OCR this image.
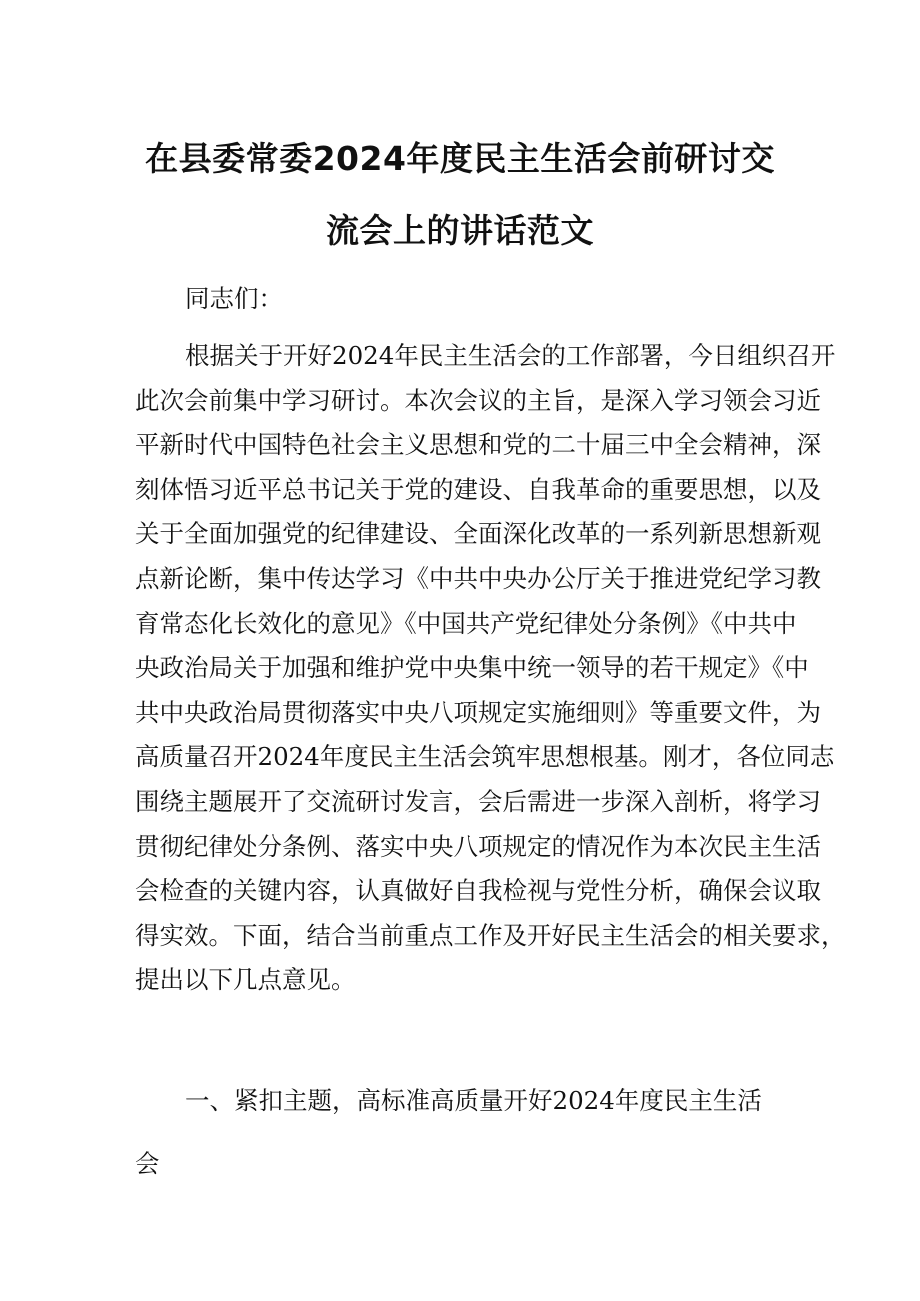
在县委常委2024年度民主生活会前研讨交
流会上的讲话范文
同志们：
根据关于开好2024年民主生活会的工作部署，今日组织召开
此次会前集中学习研讨。本次会议的主旨，是深入学习领会习近
平新时代中国特色社会主义思想和党的二十届三中全会精神，深
刻体悟习近平总书记关于党的建设、自我革命的重要思想，以及
关于全面加强党的纪律建设、全面深化改革的一系列新思想新观
点新论断，集中传达学习《中共中央办公厅关于推进党纪学习教
育常态化长效化的意见》《中国共产党纪律处分条例》《中共中
央政治局关于加强和维护党中央集中统一领导的若干规定》《中
共中央政治局贯彻落实中央八项规定实施细则》等重要文件，为
高质量召开2024年度民主生活会筑牢思想根基。刚才，各位同志
围绕主题展开了交流研讨发言，会后需进一步深入剖析，将学习
贯彻纪律处分条例、落实中央八项规定的情况作为本次民主生活
会检查的关键内容，认真做好自我检视与党性分析，确保会议取
得实效。下面，结合当前重点工作及开好民主生活会的相关要求，
提出以下几点意见。
一、紧扣主题，高标准高质量开好2024年度民主生活
会
